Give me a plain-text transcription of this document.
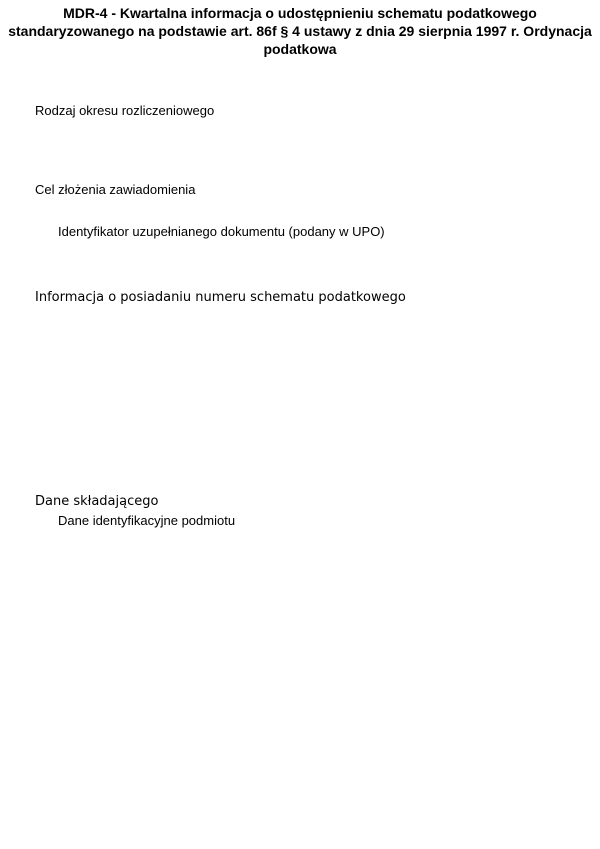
MDR-4 - Kwartalna informacja o udostępnieniu schematu podatkowego
standaryzowanego na podstawie art. 86f § 4 ustawy z dnia 29 sierpnia 1997 r. Ordynacja
podatkowa
Rodzaj okresu rozliczeniowego
Cel złożenia zawiadomienia
Identyfikator uzupełnianego dokumentu (podany w UPO)
Informacja o posiadaniu numeru schematu podatkowego
Dane składającego
Dane identyfikacyjne podmiotu
